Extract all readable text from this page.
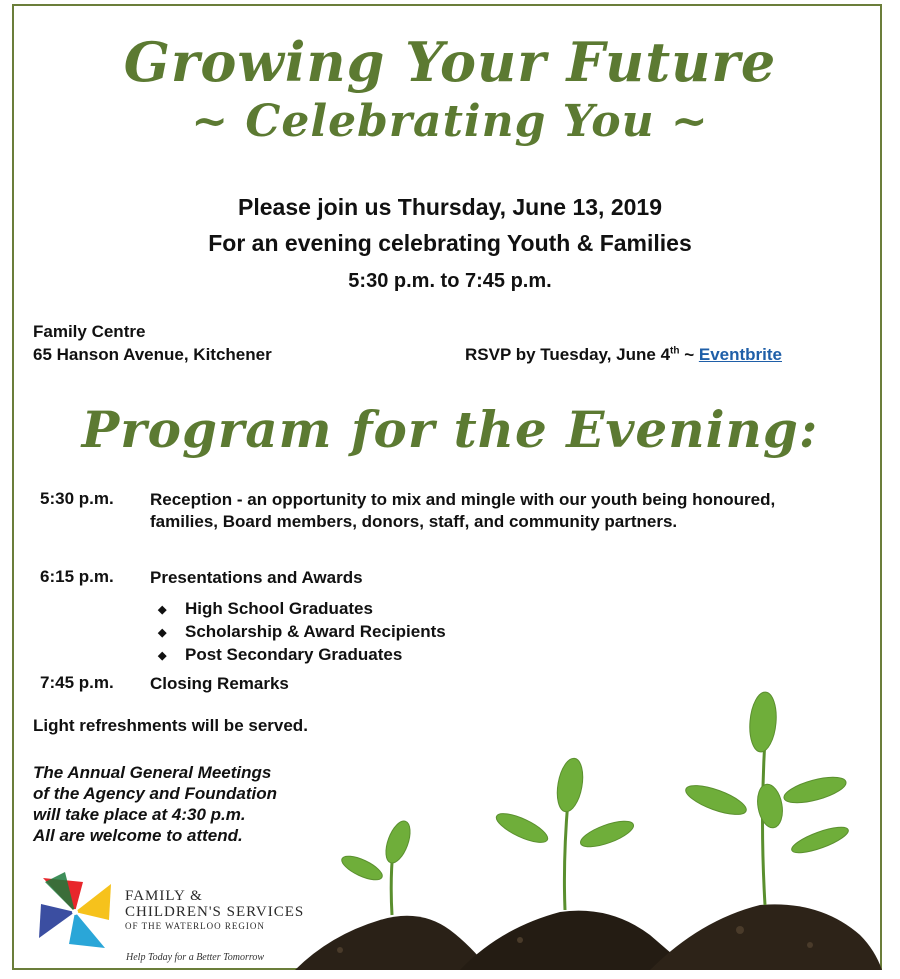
Growing Your Future
~ Celebrating You ~
Please join us Thursday, June 13, 2019
For an evening celebrating Youth & Families
5:30 p.m. to 7:45 p.m.
Family Centre
65 Hanson Avenue, Kitchener	RSVP by Tuesday, June 4th ~ Eventbrite
Program for the Evening:
5:30 p.m. Reception - an opportunity to mix and mingle with our youth being honoured, families, Board members, donors, staff, and community partners.
6:15 p.m. Presentations and Awards
◆ High School Graduates
◆ Scholarship & Award Recipients
◆ Post Secondary Graduates
7:45 p.m. Closing Remarks
Light refreshments will be served.
The Annual General Meetings
of the Agency and Foundation
will take place at 4:30 p.m.
All are welcome to attend.
FAMILY &
CHILDREN'S SERVICES
OF THE WATERLOO REGION
Help Today for a Better Tomorrow
